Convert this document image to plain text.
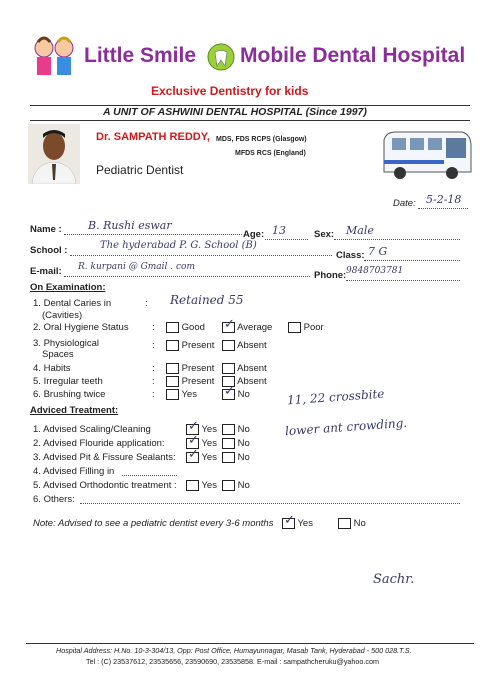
Little Smile Mobile Dental Hospital
Exclusive Dentistry for kids
A UNIT OF ASHWINI DENTAL HOSPITAL (Since 1997)
Dr. SAMPATH REDDY, MDS, FDS RCPS (Glasgow)
MFDS RCS (England)
Pediatric Dentist
Date: 5-2-18
Name : B. Rushi eswar
Age: 13	Sex: Male
School :	The hyderabad P. G. School (B)
Class: 7 G
E-mail: R. kurpani @ Gmail . com
Phone: 9848703781
On Examination:
1. Dental Caries in
(Cavities)
: Retained 55
2. Oral Hygiene Status :	Good ✓ Average	Poor
3. Physiological
Spaces
:	Present	Absent
4. Habits	:	Present	Absent
5. Irregular teeth	:	Present	Absent
6. Brushing twice	:	Yes ✓ No	11, 22 crossbite
lower ant crowding.
Adviced Treatment:
1. Advised Scaling/Cleaning	✓ Yes	No
2. Advised Flouride application: ✓ Yes	No
3. Advised Pit & Fissure Sealants: ✓ Yes	No
4. Advised Filling in
5. Advised Orthodontic treatment :	Yes	No
6. Others:
Note: Advised to see a pediatric dentist every 3-6 months ✓ Yes	No
Sachr.
Hospital Address: H.No. 10-3-304/13, Opp: Post Office, Humayunnagar, Masab Tank, Hyderabad - 500 028.T.S.
Tel : (C) 23537612, 23535656, 23590690, 23535858. E-mail : sampathcheruku@yahoo.com
